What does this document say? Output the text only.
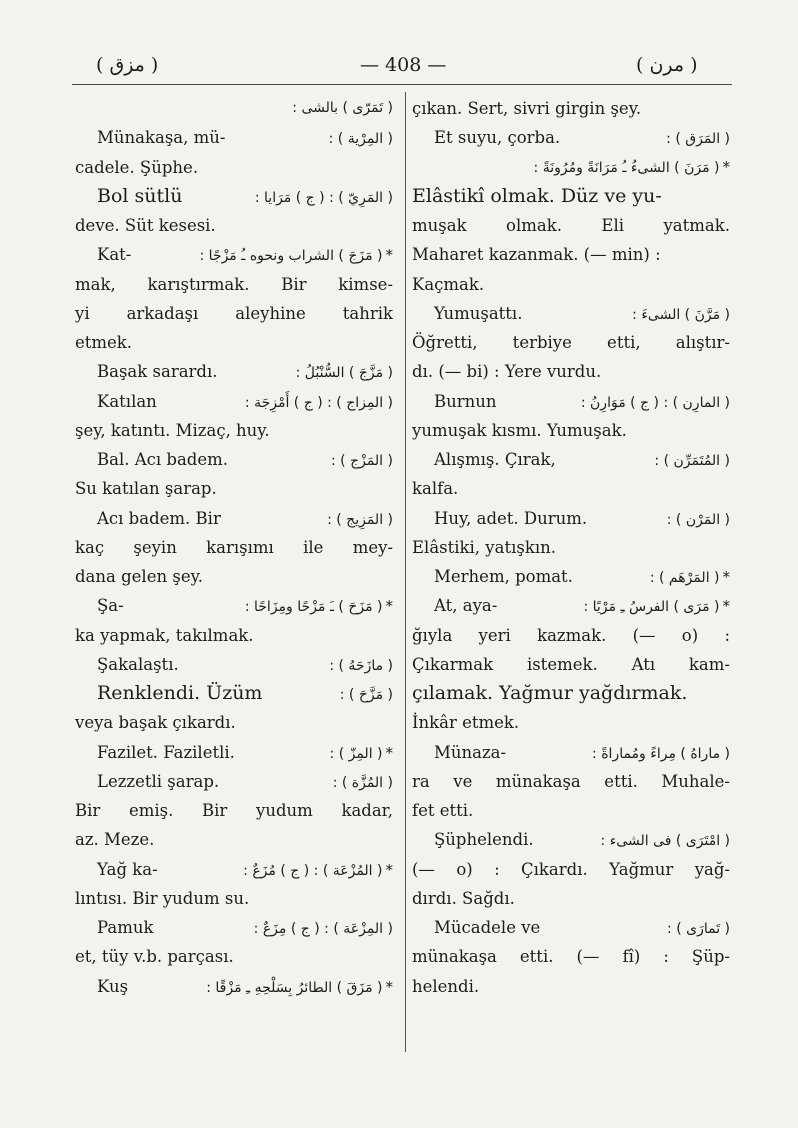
( مزق )	— 408 —	( مرن )
( تَمَرّى ) بالشى :
Münakaşa, mü-	( المِرْية ) :
cadele. Şüphe.
Bol sütlü	( المَرِيّ ) : ( ج ) مَرَايا :
deve. Süt kesesi.
Kat-	( مَزَجَ ) الشراب ونحوه ـُ مَزْجًا : *
mak, karıştırmak. Bir kimse-
yi arkadaşı aleyhine tahrik
etmek.
Başak sarardı.	( مَزَّجَ ) السُّنْبُلُ :
Katılan	( المِزاج ) : ( ج ) أَمْزِجَة :
şey, katıntı. Mizaç, huy.
Bal. Acı badem.	( المَزْج ) :
Su katılan şarap.
Acı badem. Bir	( المَزِيج ) :
kaç şeyin karışımı ile mey-
dana gelen şey.
Şa-	( مَزَحَ ) ـَ مَزْحًا ومِزَاحًا : *
ka yapmak, takılmak.
Şakalaştı.	( مازَحَهُ ) :
Renklendi. Üzüm	( مَزَّحَ ) :
veya başak çıkardı.
Fazilet. Faziletli.	( المِزّ ) : *
Lezzetli şarap.	( المُزَّة ) :
Bir emiş. Bir yudum kadar,
az. Meze.
Yağ ka-	( المُزْعَة ) : ( ج ) مُزَعٌ : *
lıntısı. Bir yudum su.
Pamuk	( المِزْعَة ) : ( ج ) مِزَعٌ :
et, tüy v.b. parçası.
Kuş	( مَزَقَ ) الطائرُ بِسَلْحِهِ ـِ مَزْقًا : *
çıkan. Sert, sivri girgin şey.
Et suyu, çorba.	( المَرَق ) :
( مَرَنَ ) الشىءُ ـُ مَرَانَةً ومُرُونَةً : *
Elâstikî olmak. Düz ve yu-
muşak olmak. Eli yatmak.
Maharet kazanmak. (— min) :
Kaçmak.
Yumuşattı.	( مَرَّنَ ) الشىءَ :
Öğretti, terbiye etti, alıştır-
dı. (— bi) : Yere vurdu.
Burnun	( المارِن ) : ( ج ) مَوَارِنُ :
yumuşak kısmı. Yumuşak.
Alışmış. Çırak,	( المُتَمَرِّن ) :
kalfa.
Huy, adet. Durum.	( المَرْن ) :
Elâstiki, yatışkın.
Merhem, pomat.	( المَرْهَم ) : *
At, aya-	( مَرَى ) الفرسُ ـِ مَرْيًا : *
ğıyla yeri kazmak. (— o) :
Çıkarmak istemek. Atı kam-
çılamak. Yağmur yağdırmak.
İnkâr etmek.
Münaza-	( ماراهُ ) مِراءً ومُماراةً :
ra ve münakaşa etti. Muhale-
fet etti.
Şüphelendi.	( امْتَرَى ) فى الشىء :
(— o) : Çıkardı. Yağmur yağ-
dırdı. Sağdı.
Mücadele ve	( تَمارَى ) :
münakaşa etti. (— fî) : Şüp-
helendi.
